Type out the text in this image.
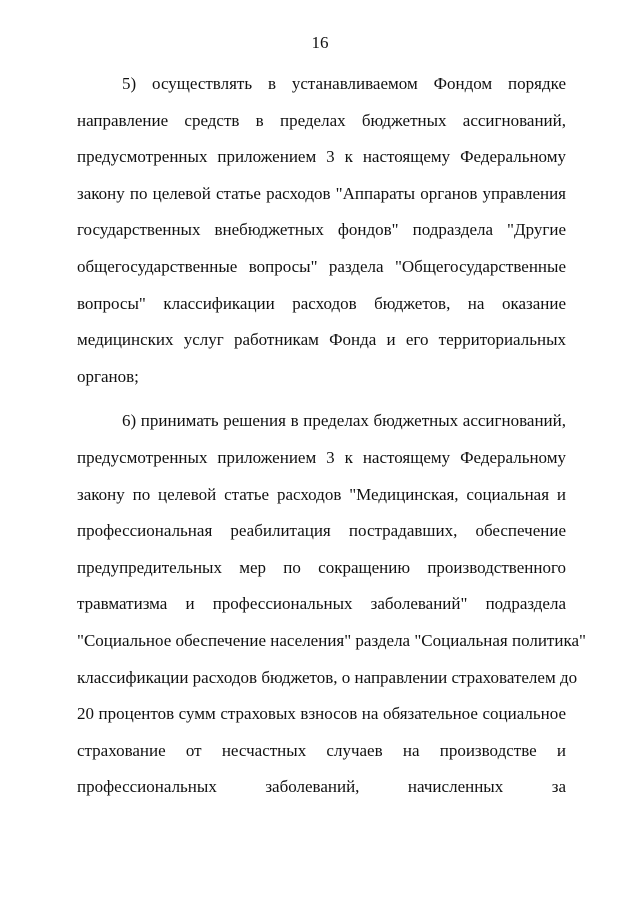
16

5) осуществлять в устанавливаемом Фондом порядке
направление средств в пределах бюджетных ассигнований,
предусмотренных приложением 3 к настоящему Федеральному
закону по целевой статье расходов "Аппараты органов управления
государственных внебюджетных фондов" подраздела "Другие
общегосударственные вопросы" раздела "Общегосударственные
вопросы" классификации расходов бюджетов, на оказание
медицинских услуг работникам Фонда и его территориальных
органов;

6) принимать решения в пределах бюджетных ассигнований,
предусмотренных приложением 3 к настоящему Федеральному
закону по целевой статье расходов "Медицинская, социальная и
профессиональная реабилитация пострадавших, обеспечение
предупредительных мер по сокращению производственного
травматизма и профессиональных заболеваний" подраздела
"Социальное обеспечение населения" раздела "Социальная политика"
классификации расходов бюджетов, о направлении страхователем до
20 процентов сумм страховых взносов на обязательное социальное
страхование от несчастных случаев на производстве и
профессиональных заболеваний, начисленных за
